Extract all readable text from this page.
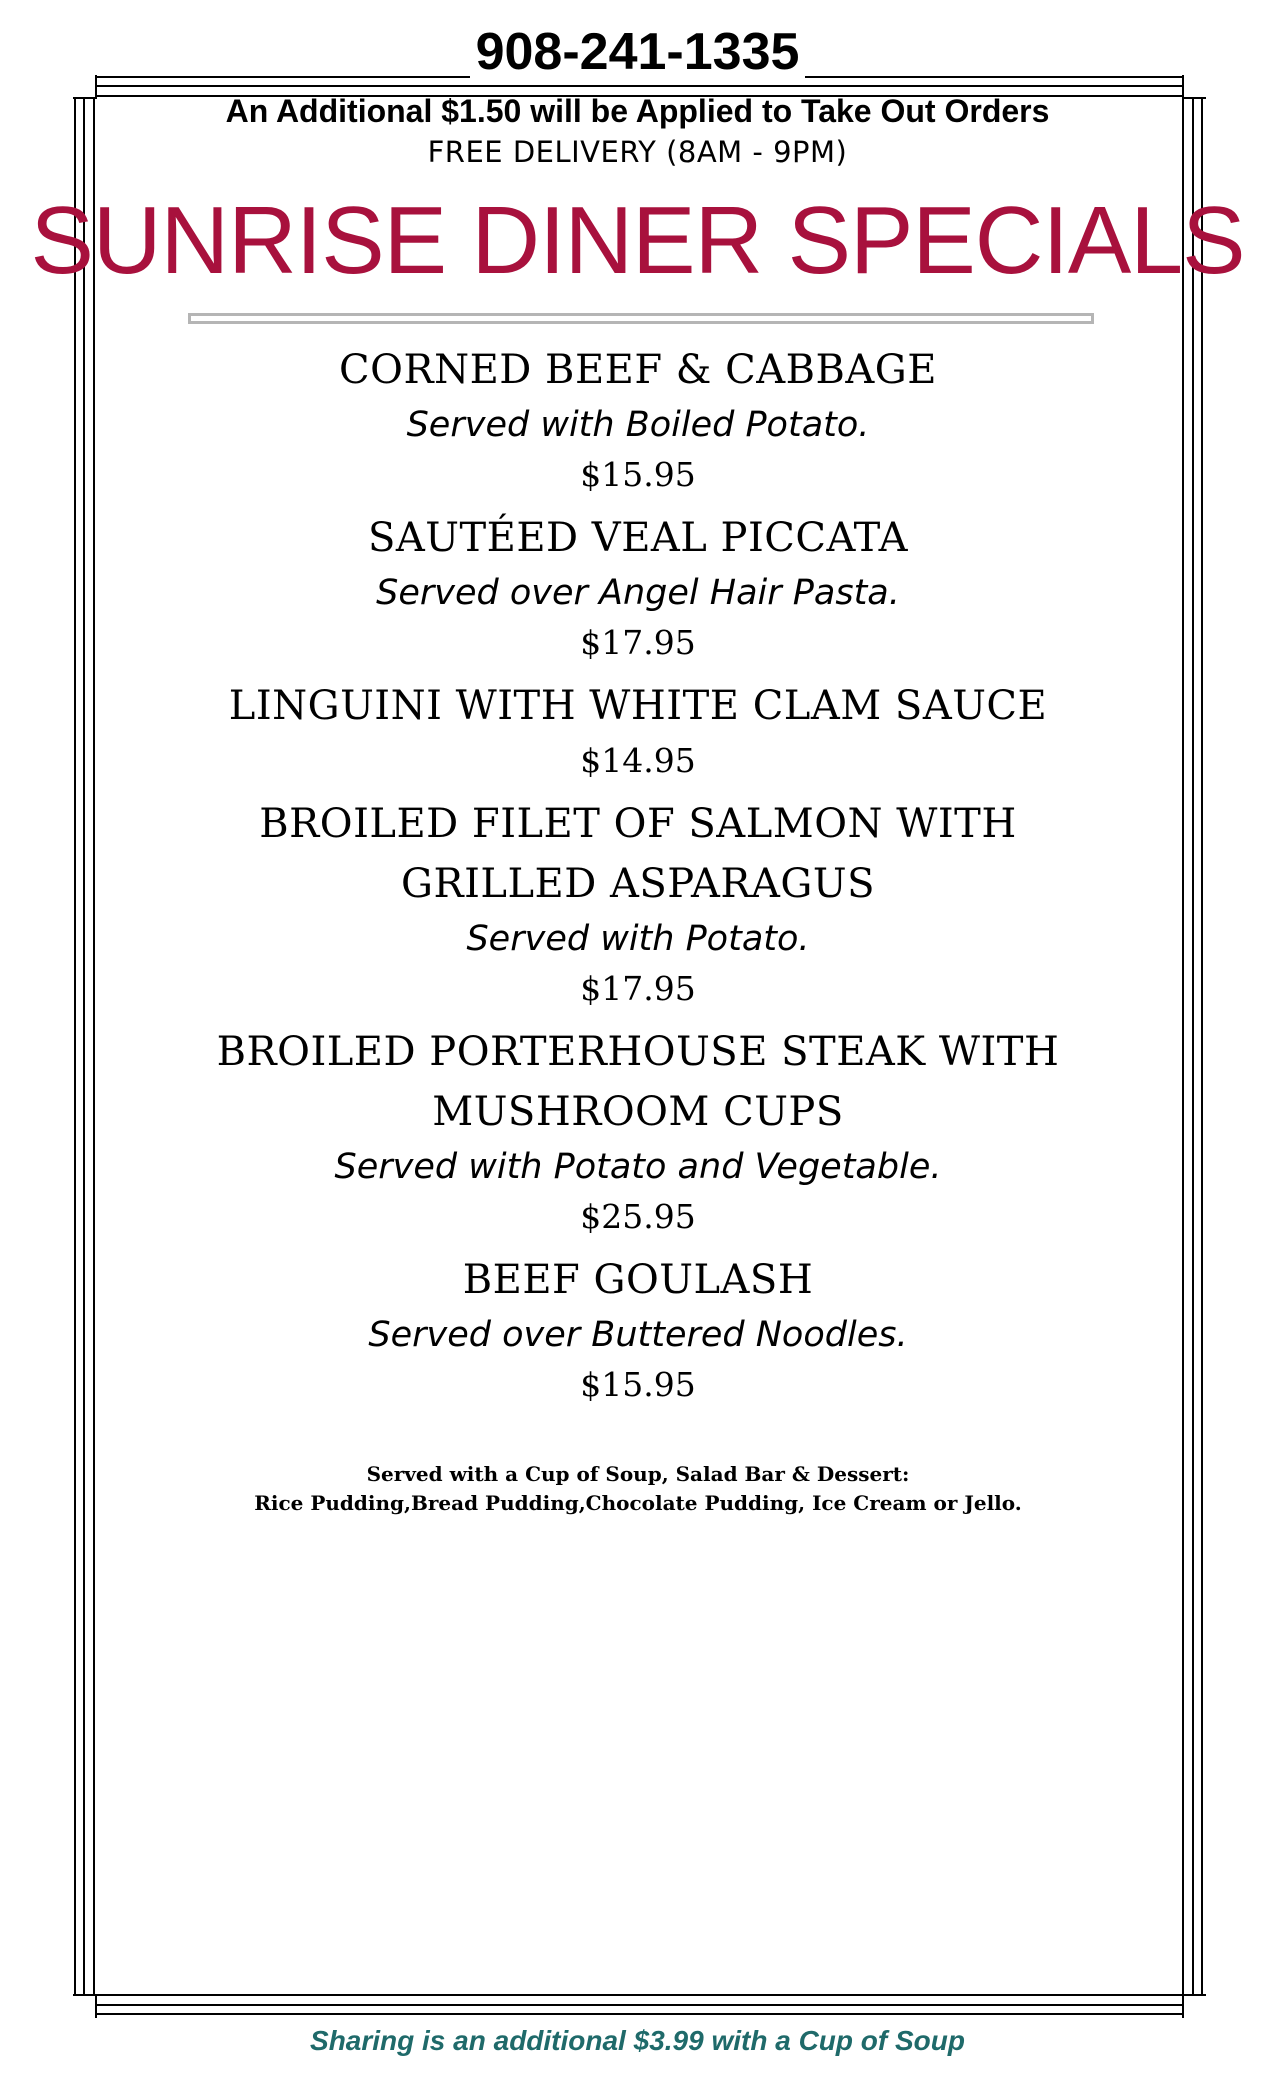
908-241-1335
An Additional $1.50 will be Applied to Take Out Orders
FREE DELIVERY (8AM - 9PM)
SUNRISE DINER SPECIALS
CORNED BEEF & CABBAGE
Served with Boiled Potato.
$15.95
SAUTÉED VEAL PICCATA
Served over Angel Hair Pasta.
$17.95
LINGUINI WITH WHITE CLAM SAUCE
$14.95
BROILED FILET OF SALMON WITH
GRILLED ASPARAGUS
Served with Potato.
$17.95
BROILED PORTERHOUSE STEAK WITH
MUSHROOM CUPS
Served with Potato and Vegetable.
$25.95
BEEF GOULASH
Served over Buttered Noodles.
$15.95
Served with a Cup of Soup, Salad Bar & Dessert:
Rice Pudding,Bread Pudding,Chocolate Pudding, Ice Cream or Jello.
Sharing is an additional $3.99 with a Cup of Soup
